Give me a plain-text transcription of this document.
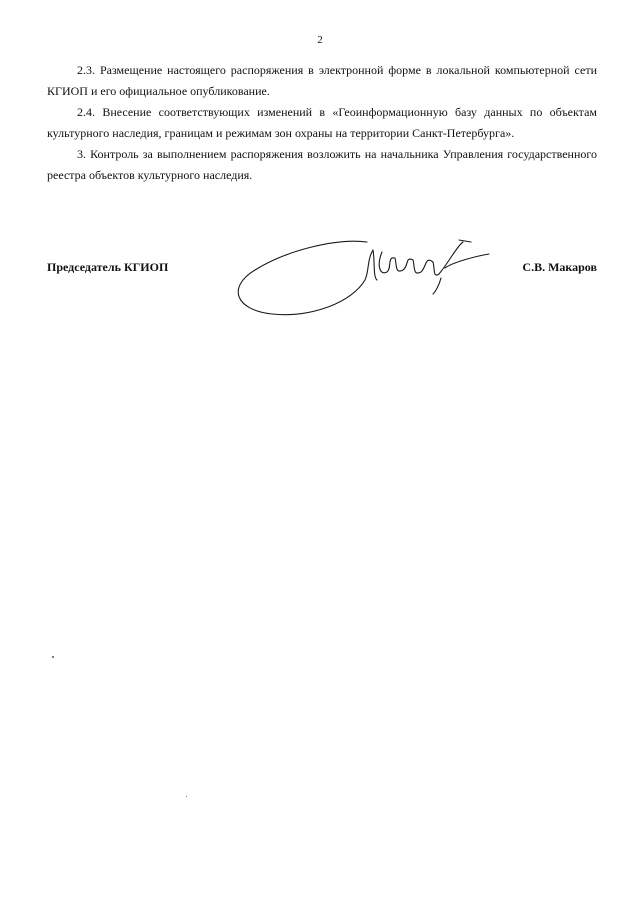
2

2.3. Размещение настоящего распоряжения в электронной форме в локальной компьютерной сети КГИОП и его официальное опубликование.

2.4. Внесение соответствующих изменений в «Геоинформационную базу данных по объектам культурного наследия, границам и режимам зон охраны на территории Санкт-Петербурга».

3. Контроль за выполнением распоряжения возложить на начальника Управления государственного реестра объектов культурного наследия.

Председатель КГИОП	С.В. Макаров
